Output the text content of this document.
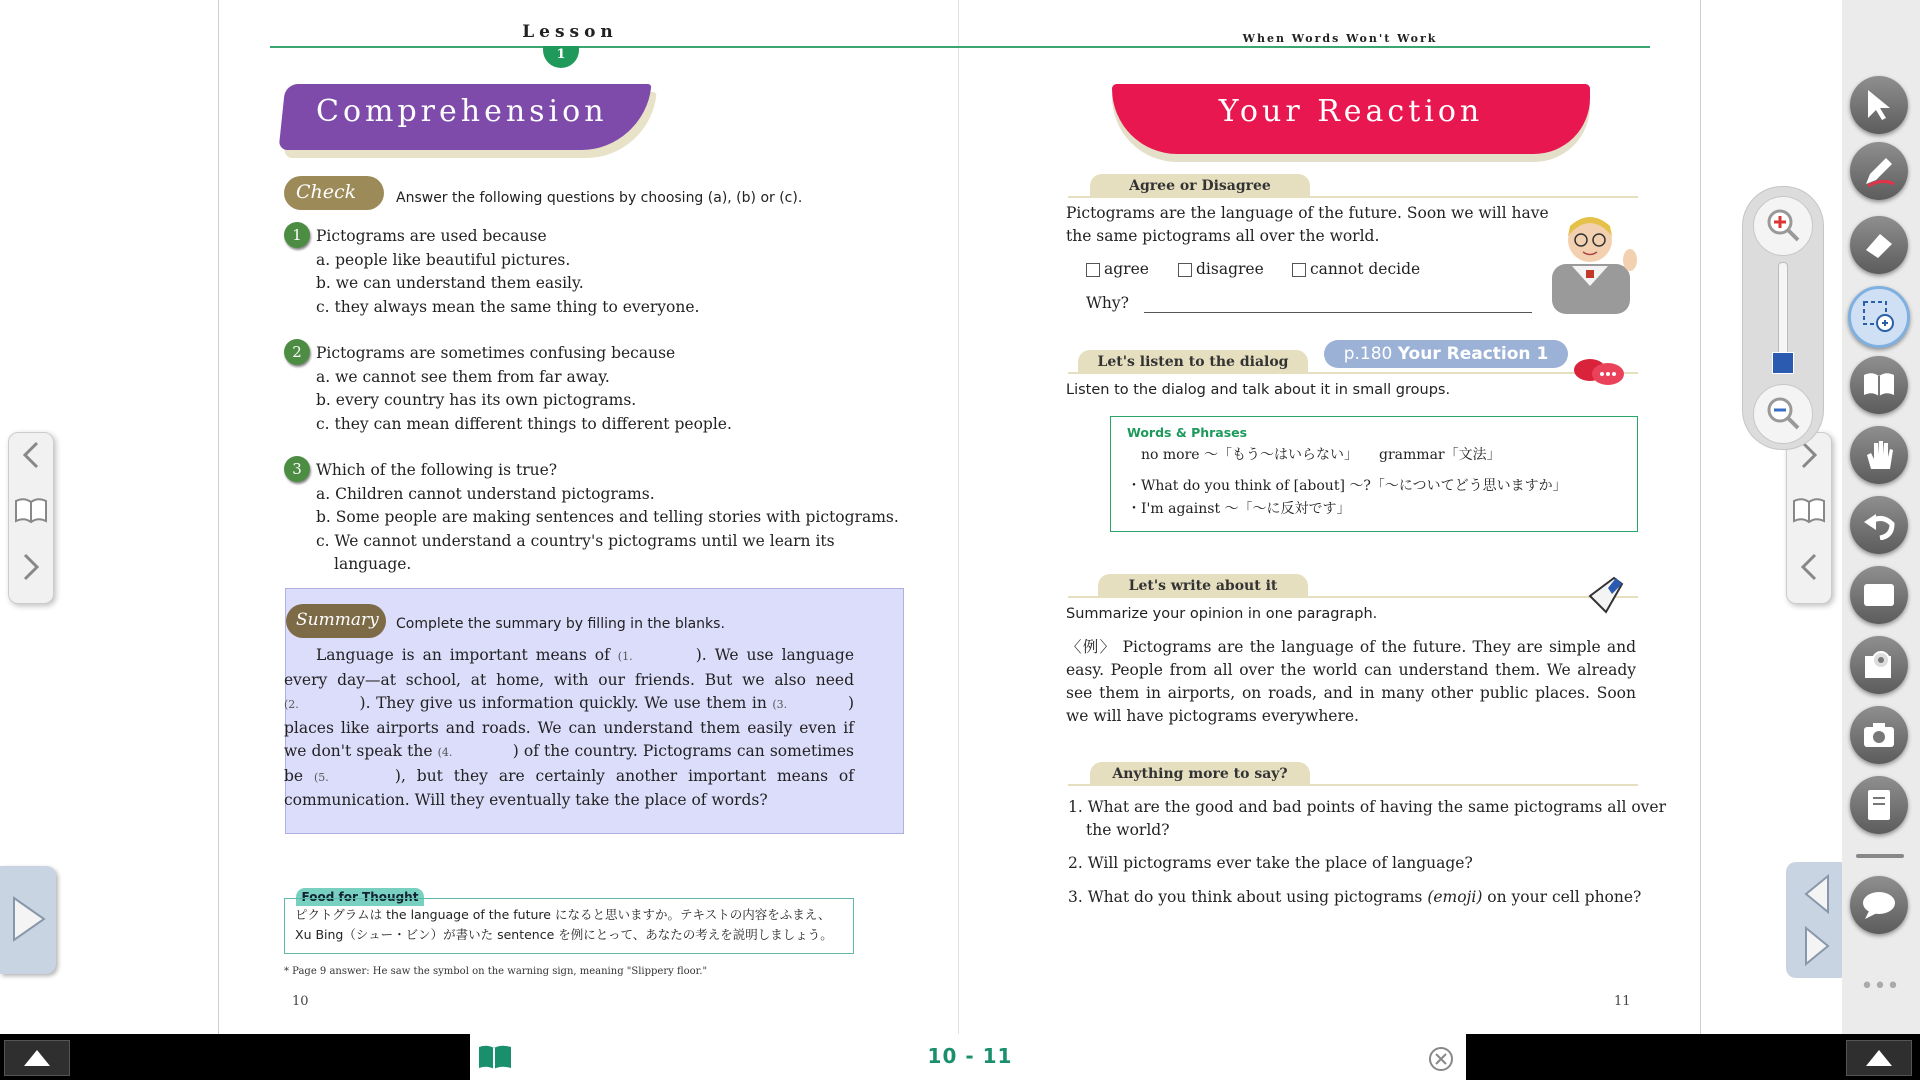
Lesson
1
Comprehension
Check	Answer the following questions by choosing (a), (b) or (c).
1 Pictograms are used because
a. people like beautiful pictures.
b. we can understand them easily.
c. they always mean the same thing to everyone.
2 Pictograms are sometimes confusing because
a. we cannot see them from far away.
b. every country has its own pictograms.
c. they can mean different things to different people.
3 Which of the following is true?
a. Children cannot understand pictograms.
b. Some people are making sentences and telling stories with pictograms.
c. We cannot understand a country's pictograms until we learn its
language.
Summary	Complete the summary by filling in the blanks.
Language is an important means of (1.	). We use language every day—at school, at home, with our friends. But we also need (2.	). They give us information quickly. We use them in (3.	) places like airports and roads. We can understand them easily even if we don't speak the (4.	) of the country. Pictograms can sometimes be (5.	), but they are certainly another important means of communication. Will they eventually take the place of words?
Food for Thought
ピクトグラムは the language of the future になると思いますか。テキストの内容をふまえ、
Xu Bing（シュー・ビン）が書いた sentence を例にとって、あなたの考えを説明しましょう。
* Page 9 answer: He saw the symbol on the warning sign, meaning "Slippery floor."
10
When Words Won't Work
Your Reaction
Agree or Disagree
Pictograms are the language of the future. Soon we will have
the same pictograms all over the world.
agree	disagree	cannot decide
Why?
Let's listen to the dialog	p.180 Your Reaction 1
Listen to the dialog and talk about it in small groups.
Words & Phrases
no more ～「もう～はいらない」　　 grammar「文法」
・What do you think of [about] ～?「～についてどう思いますか」
・I'm against ～「～に反対です」
Let's write about it
Summarize your opinion in one paragraph.
〈例〉 Pictograms are the language of the future. They are simple and easy. People from all over the world can understand them. We already see them in airports, on roads, and in many other public places. Soon we will have pictograms everywhere.
Anything more to say?
1. What are the good and bad points of having the same pictograms all over
the world?
2. Will pictograms ever take the place of language?
3. What do you think about using pictograms (emoji) on your cell phone?
11
•••
10 - 11
